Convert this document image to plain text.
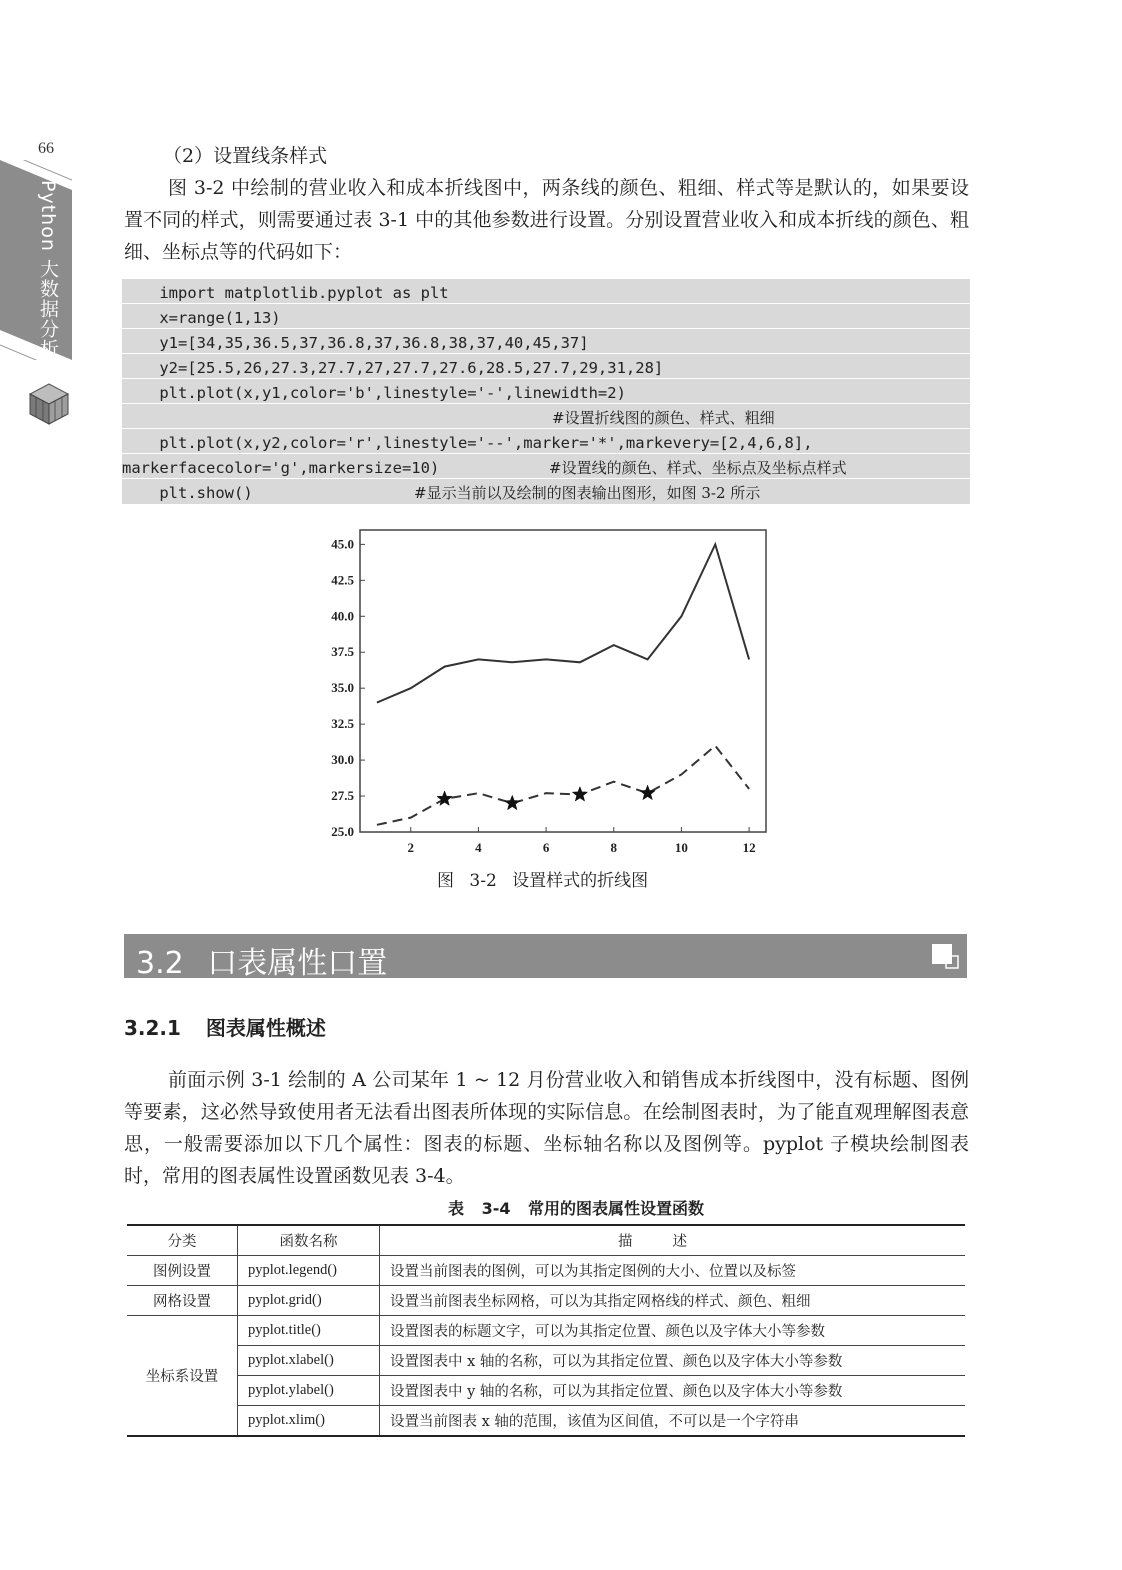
66
Python 大数据分析
（2）设置线条样式
图 3-2 中绘制的营业收入和成本折线图中，两条线的颜色、粗细、样式等是默认的，如果要设置不同的样式，则需要通过表 3-1 中的其他参数进行设置。分别设置营业收入和成本折线的颜色、粗细、坐标点等的代码如下：
import matplotlib.pyplot as plt
x=range(1,13)
y1=[34,35,36.5,37,36.8,37,36.8,38,37,40,45,37]
y2=[25.5,26,27.3,27.7,27,27.7,27.6,28.5,27.7,29,31,28]
plt.plot(x,y1,color='b',linestyle='-',linewidth=2)
#设置折线图的颜色、样式、粗细
plt.plot(x,y2,color='r',linestyle='--',marker='*',markevery=[2,4,6,8],
markerfacecolor='g',markersize=10)	#设置线的颜色、样式、坐标点及坐标点样式
plt.show()	#显示当前以及绘制的图表输出图形，如图 3-2 所示
25.0
27.5
30.0
32.5
35.0
37.5
40.0
42.5
45.0
2	4	6	8	10	12
图 3-2 设置样式的折线图
3.2 口表属性口置
3.2.1 图表属性概述
前面示例 3-1 绘制的 A 公司某年 1 ~ 12 月份营业收入和销售成本折线图中，没有标题、图例等要素，这必然导致使用者无法看出图表所体现的实际信息。在绘制图表时，为了能直观理解图表意思，一般需要添加以下几个属性：图表的标题、坐标轴名称以及图例等。pyplot 子模块绘制图表时，常用的图表属性设置函数见表 3-4。
表 3-4 常用的图表属性设置函数
分类	函数名称	描述
图例设置	pyplot.legend()	设置当前图表的图例，可以为其指定图例的大小、位置以及标签
网格设置	pyplot.grid()	设置当前图表坐标网格，可以为其指定网格线的样式、颜色、粗细
坐标系设置	pyplot.title()	设置图表的标题文字，可以为其指定位置、颜色以及字体大小等参数
	pyplot.xlabel()	设置图表中 x 轴的名称，可以为其指定位置、颜色以及字体大小等参数
	pyplot.ylabel()	设置图表中 y 轴的名称，可以为其指定位置、颜色以及字体大小等参数
	pyplot.xlim()	设置当前图表 x 轴的范围，该值为区间值，不可以是一个字符串
